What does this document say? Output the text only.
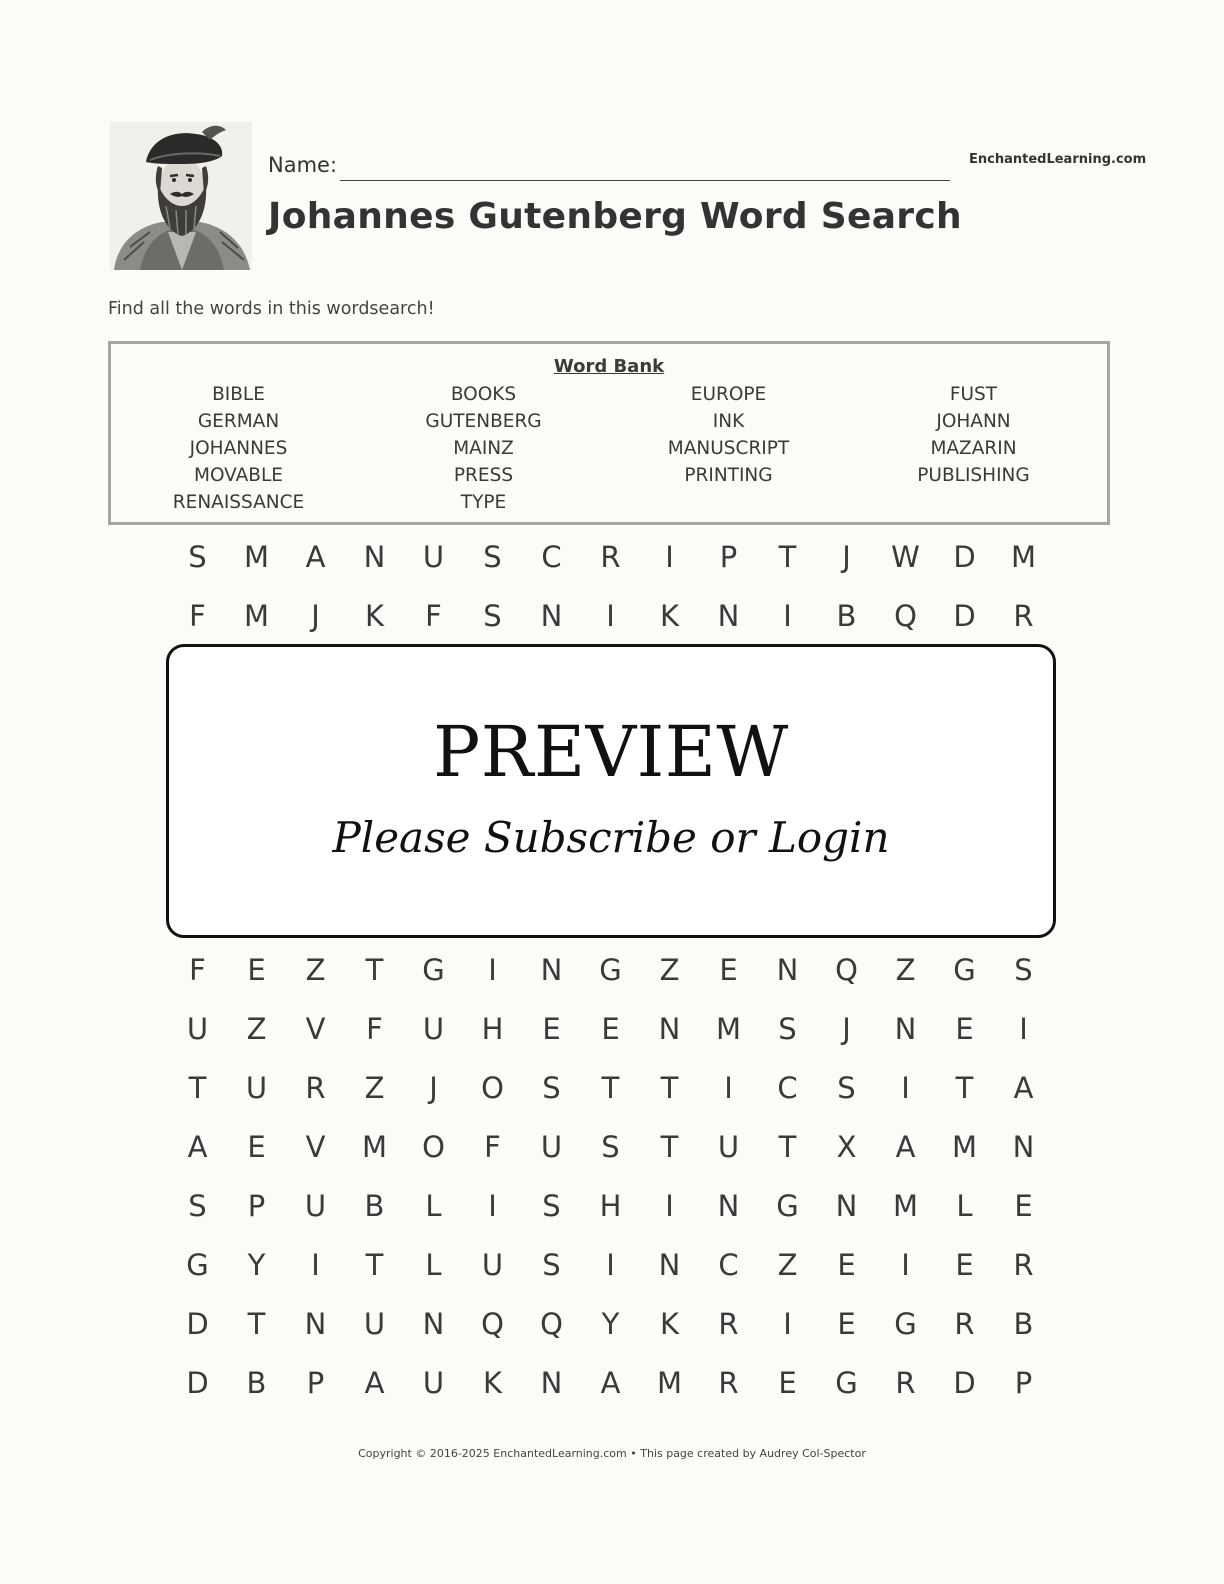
Name:	EnchantedLearning.com
Johannes Gutenberg Word Search
Find all the words in this wordsearch!
Word Bank
BIBLE	BOOKS	EUROPE	FUST
GERMAN	GUTENBERG	INK	JOHANN
JOHANNES	MAINZ	MANUSCRIPT	MAZARIN
MOVABLE	PRESS	PRINTING	PUBLISHING
RENAISSANCE	TYPE
S	M	A	N	U	S	C	R	I	P	T	J	W	D	M
F	M	J	K	F	S	N	I	K	N	I	B	Q	D	R
PREVIEW
Please Subscribe or Login
F	E	Z	T	G	I	N	G	Z	E	N	Q	Z	G	S
U	Z	V	F	U	H	E	E	N	M	S	J	N	E	I
T	U	R	Z	J	O	S	T	T	I	C	S	I	T	A
A	E	V	M	O	F	U	S	T	U	T	X	A	M	N
S	P	U	B	L	I	S	H	I	N	G	N	M	L	E
G	Y	I	T	L	U	S	I	N	C	Z	E	I	E	R
D	T	N	U	N	Q	Q	Y	K	R	I	E	G	R	B
D	B	P	A	U	K	N	A	M	R	E	G	R	D	P
Copyright © 2016-2025 EnchantedLearning.com • This page created by Audrey Col-Spector
